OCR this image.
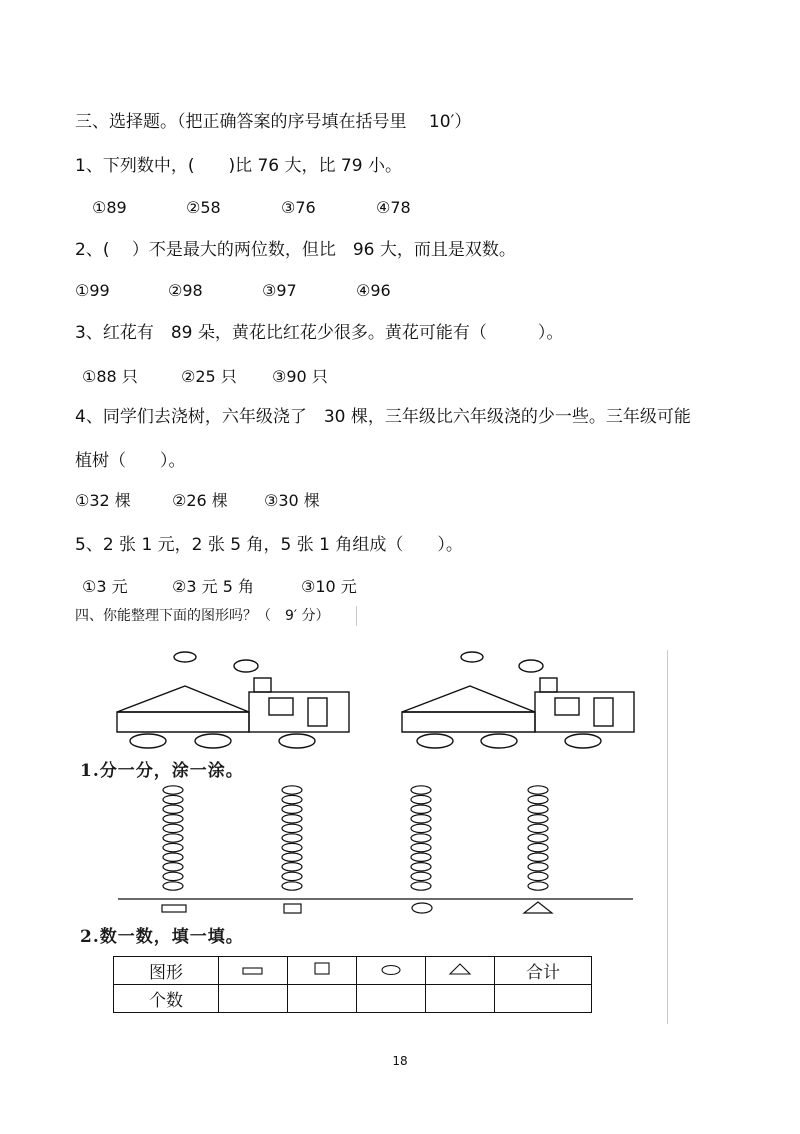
三、选择题。（把正确答案的序号填在括号里　 10′）
1、下列数中，(　　)比 76 大，比 79 小。
①89	②58	③76	④78
2、(　 ）不是最大的两位数，但比　96 大，而且是双数。
①99	②98	③97	④96
3、红花有　89 朵，黄花比红花少很多。黄花可能有（　　　）。
①88 只	②25 只 ③90 只
4、同学们去浇树，六年级浇了　30 棵，三年级比六年级浇的少一些。三年级可能
植树（　　）。
①32 棵	②26 棵 ③30 棵
5、2 张 1 元，2 张 5 角，5 张 1 角组成（　　）。
①3 元	②3 元 5 角	③10 元
四、你能整理下面的图形吗？（　9′ 分）
1.分一分，涂一涂。
2.数一数，填一填。
图形					合计
个数					
18
